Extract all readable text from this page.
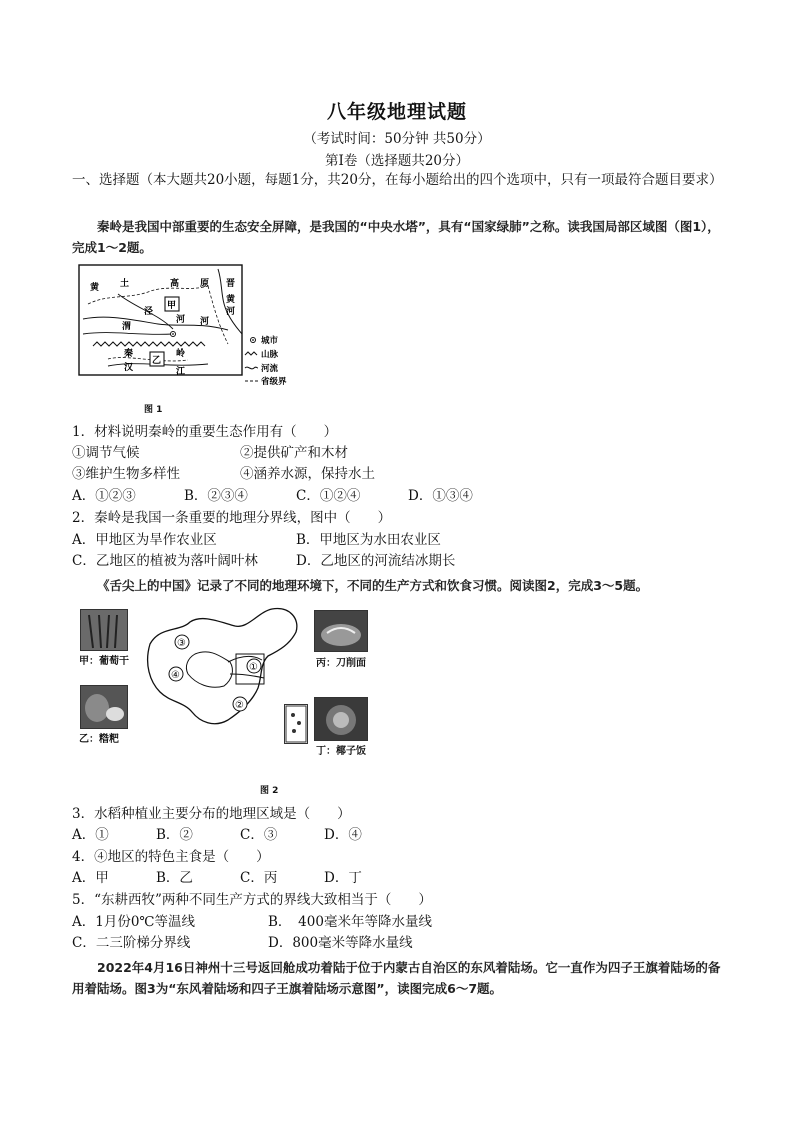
八年级地理试题
（考试时间：50分钟 共50分）
第Ⅰ卷（选择题共20分）
一、选择题（本大题共20小题，每题1分，共20分，在每小题给出的四个选项中，只有一项最符合题目要求）
秦岭是我国中部重要的生态安全屏障，是我国的“中央水塔”，具有“国家绿肺”之称。读我国局部区域图（图1），完成1～2题。
黄 土	高 原 晋
黄
河
甲
泾
河
渭	河
秦	岭
乙
汉	江
城市
山脉
河流
省级界
图 1
1．材料说明秦岭的重要生态作用有（　　）
①调节气候	②提供矿产和木材
③维护生物多样性	④涵养水源，保持水土
A．①②③	B．②③④	C．①②④	D．①③④
2．秦岭是我国一条重要的地理分界线，图中（　　）
A．甲地区为旱作农业区	B．甲地区为水田农业区
C．乙地区的植被为落叶阔叶林	D．乙地区的河流结冰期长
《舌尖上的中国》记录了不同的地理环境下，不同的生产方式和饮食习惯。阅读图2，完成3～5题。
甲：葡萄干
乙：糌粑
③
④
①
②
丙：刀削面
丁：椰子饭
图 2
3．水稻种植业主要分布的地理区域是（　　）
A．①	B．②	C．③	D．④
4．④地区的特色主食是（　　）
A．甲	B．乙	C．丙	D．丁
5．“东耕西牧”两种不同生产方式的界线大致相当于（　　）
A．1月份0℃等温线	B．　400毫米年等降水量线
C．二三阶梯分界线	D．800毫米等降水量线
2022年4月16日神州十三号返回舱成功着陆于位于内蒙古自治区的东风着陆场。它一直作为四子王旗着陆场的备用着陆场。图3为“东风着陆场和四子王旗着陆场示意图”，读图完成6～7题。
